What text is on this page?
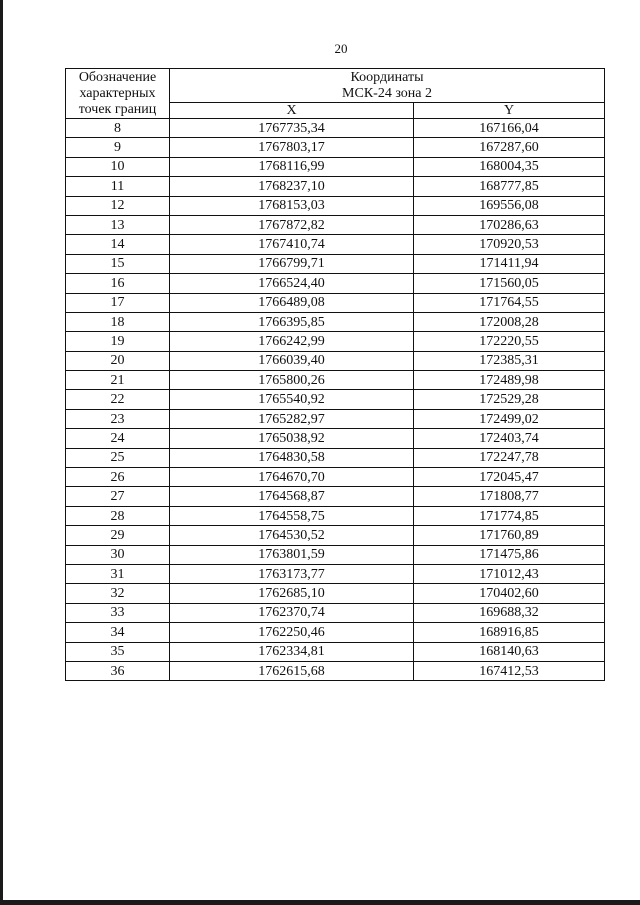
20
Обозначение
характерных
точек границ	Координаты
МСК-24 зона 2	

	X	Y
8	1767735,34	167166,04
9	1767803,17	167287,60
10	1768116,99	168004,35
11	1768237,10	168777,85
12	1768153,03	169556,08
13	1767872,82	170286,63
14	1767410,74	170920,53
15	1766799,71	171411,94
16	1766524,40	171560,05
17	1766489,08	171764,55
18	1766395,85	172008,28
19	1766242,99	172220,55
20	1766039,40	172385,31
21	1765800,26	172489,98
22	1765540,92	172529,28
23	1765282,97	172499,02
24	1765038,92	172403,74
25	1764830,58	172247,78
26	1764670,70	172045,47
27	1764568,87	171808,77
28	1764558,75	171774,85
29	1764530,52	171760,89
30	1763801,59	171475,86
31	1763173,77	171012,43
32	1762685,10	170402,60
33	1762370,74	169688,32
34	1762250,46	168916,85
35	1762334,81	168140,63
36	1762615,68	167412,53
